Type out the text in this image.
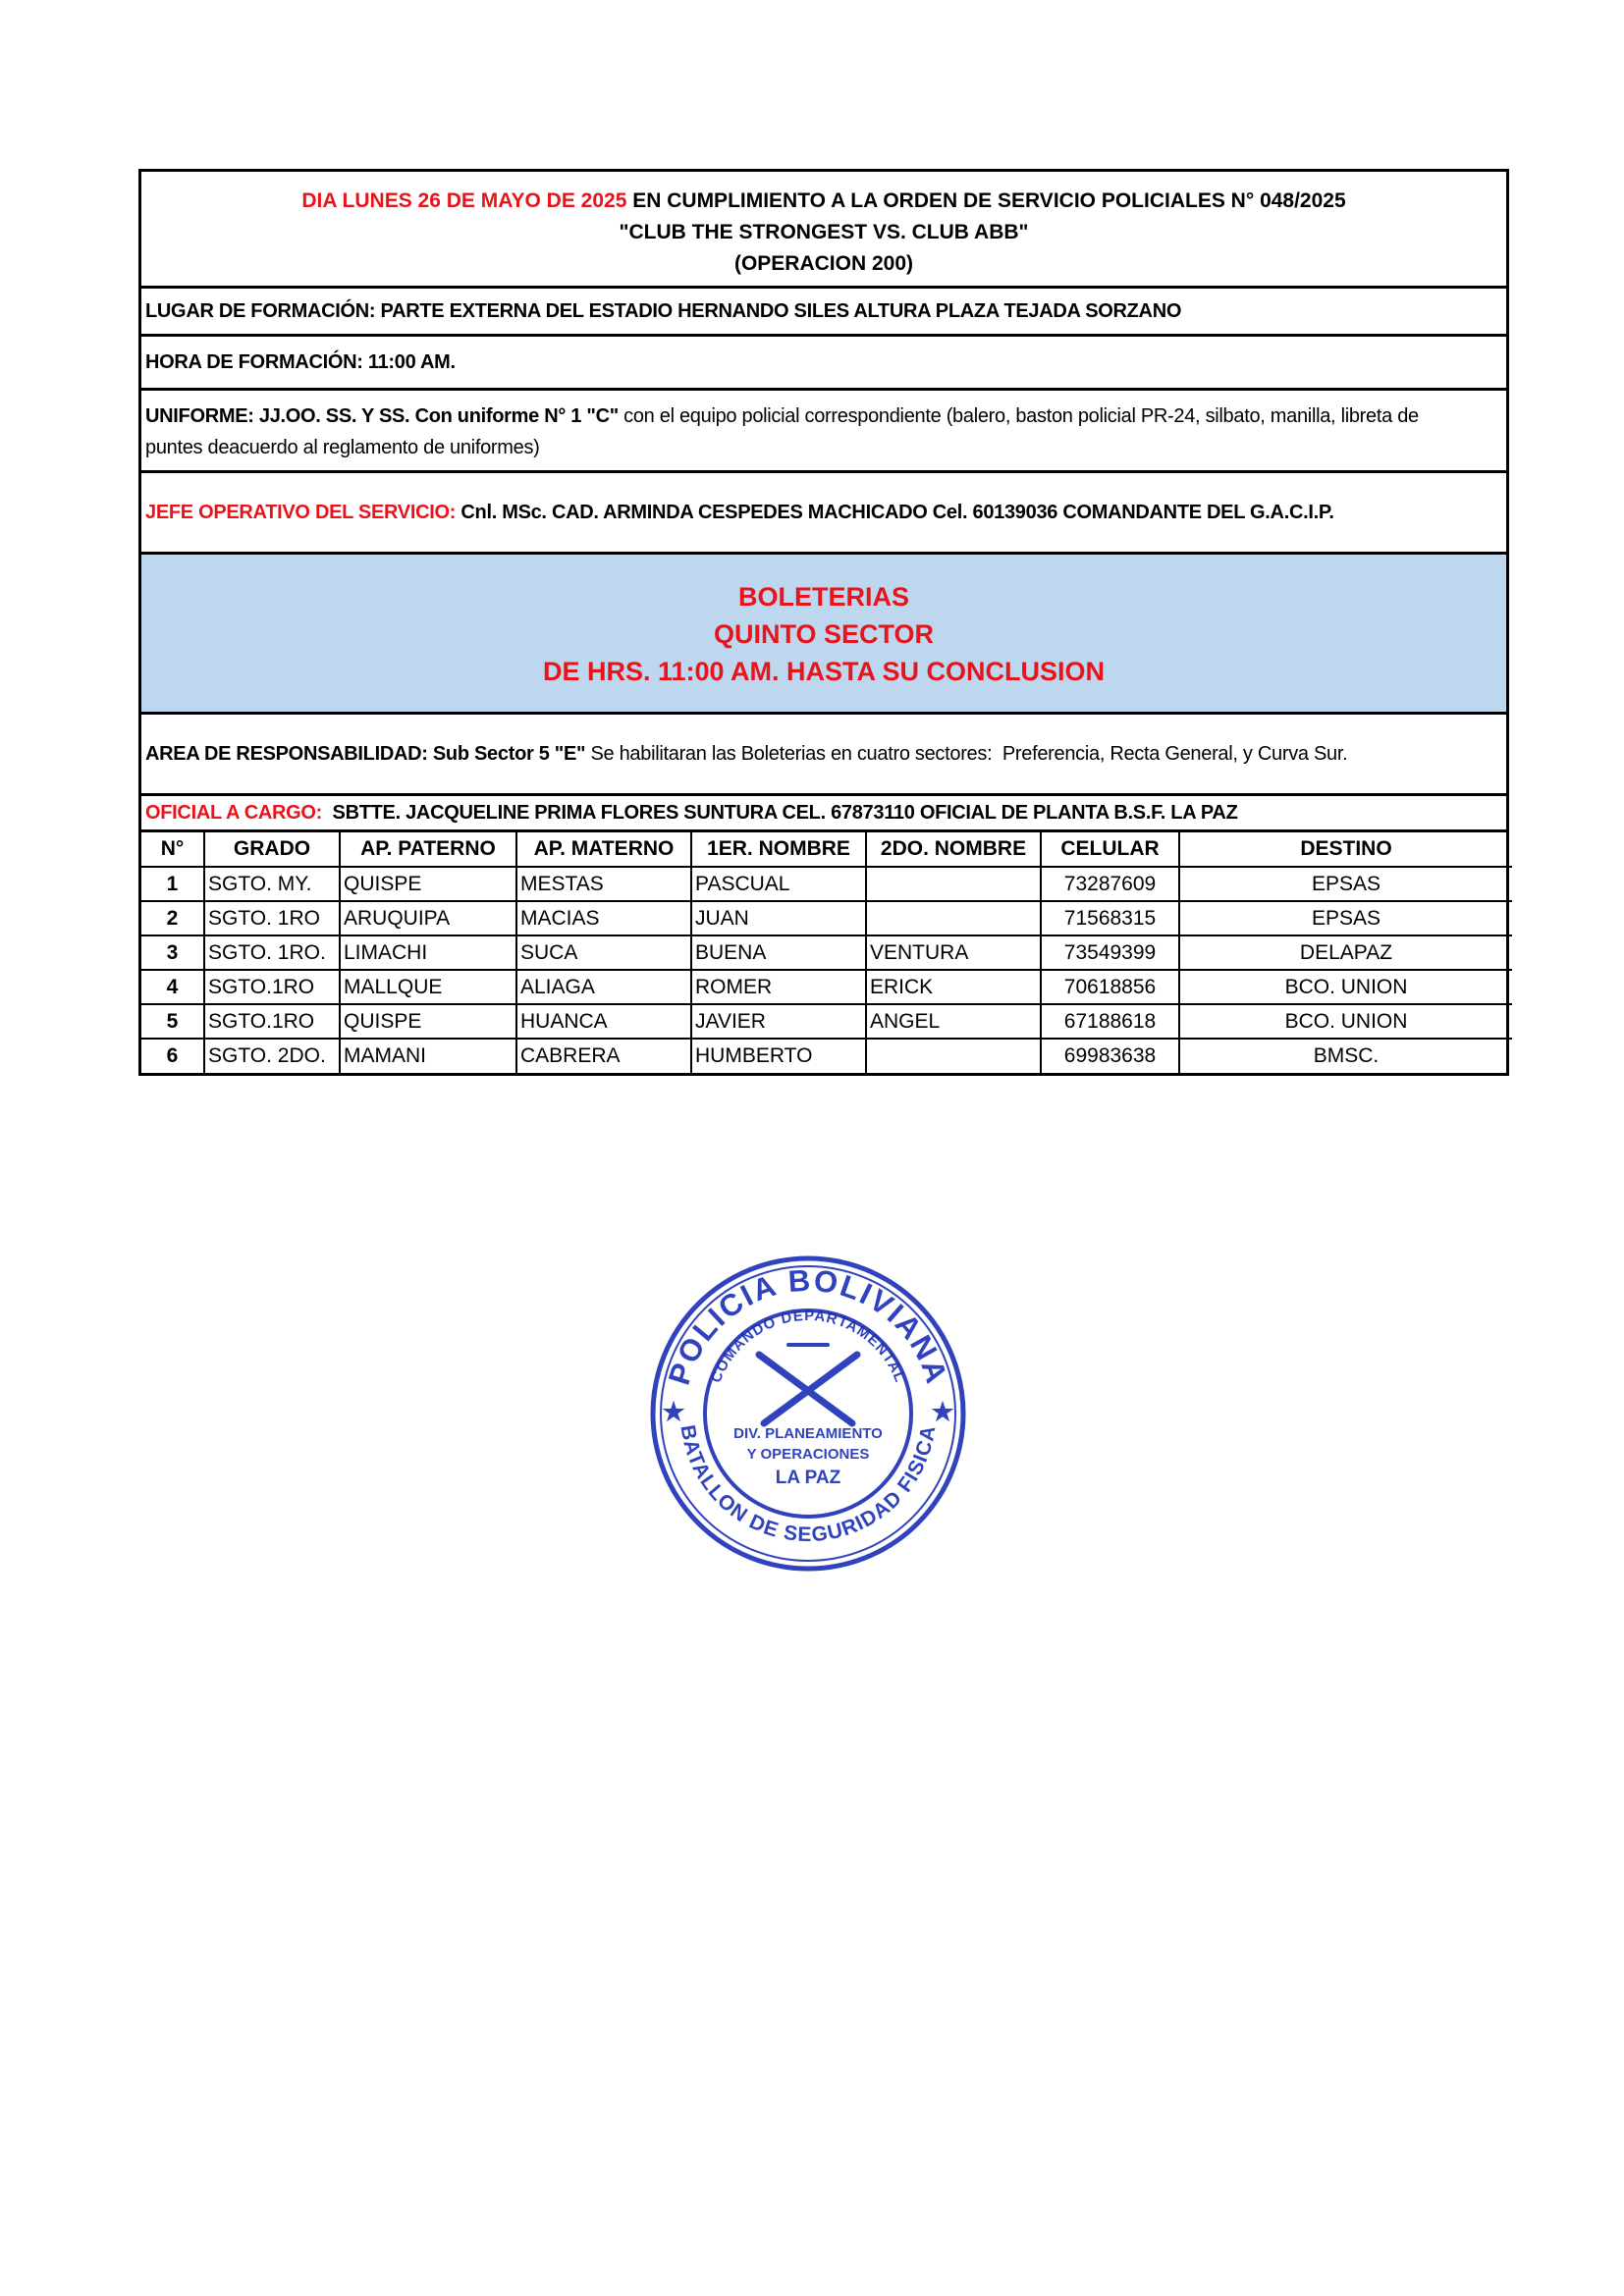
DIA LUNES 26 DE MAYO DE 2025 EN CUMPLIMIENTO A LA ORDEN DE SERVICIO POLICIALES N° 048/2025
"CLUB THE STRONGEST VS. CLUB ABB"
(OPERACION 200)
LUGAR DE FORMACIÓN: PARTE EXTERNA DEL ESTADIO HERNANDO SILES ALTURA PLAZA TEJADA SORZANO
HORA DE FORMACIÓN: 11:00 AM.
UNIFORME: JJ.OO. SS. Y SS. Con uniforme N° 1 "C" con el equipo policial correspondiente (balero, baston policial PR-24, silbato, manilla, libreta de
puntes deacuerdo al reglamento de uniformes)
JEFE OPERATIVO DEL SERVICIO: Cnl. MSc. CAD. ARMINDA CESPEDES MACHICADO Cel. 60139036 COMANDANTE DEL G.A.C.I.P.
BOLETERIAS
QUINTO SECTOR
DE HRS. 11:00 AM. HASTA SU CONCLUSION
AREA DE RESPONSABILIDAD: Sub Sector 5 "E" Se habilitaran las Boleterias en cuatro sectores:  Preferencia, Recta General, y Curva Sur.
OFICIAL A CARGO: SBTTE. JACQUELINE PRIMA FLORES SUNTURA CEL. 67873110 OFICIAL DE PLANTA B.S.F. LA PAZ
N°	GRADO	AP. PATERNO	AP. MATERNO	1ER. NOMBRE	2DO. NOMBRE	CELULAR	DESTINO
1	SGTO. MY.	QUISPE	MESTAS	PASCUAL		73287609	EPSAS
2	SGTO. 1RO	ARUQUIPA	MACIAS	JUAN		71568315	EPSAS
3	SGTO. 1RO.	LIMACHI	SUCA	BUENA	VENTURA	73549399	DELAPAZ
4	SGTO.1RO	MALLQUE	ALIAGA	ROMER	ERICK	70618856	BCO. UNION
5	SGTO.1RO	QUISPE	HUANCA	JAVIER	ANGEL	67188618	BCO. UNION
6	SGTO. 2DO.	MAMANI	CABRERA	HUMBERTO		69983638	BMSC.
POLICIA BOLIVIANA
COMANDO DEPARTAMENTAL
DIV. PLANEAMIENTO
Y OPERACIONES
LA PAZ
BATALLON DE SEGURIDAD FISICA
★	★
